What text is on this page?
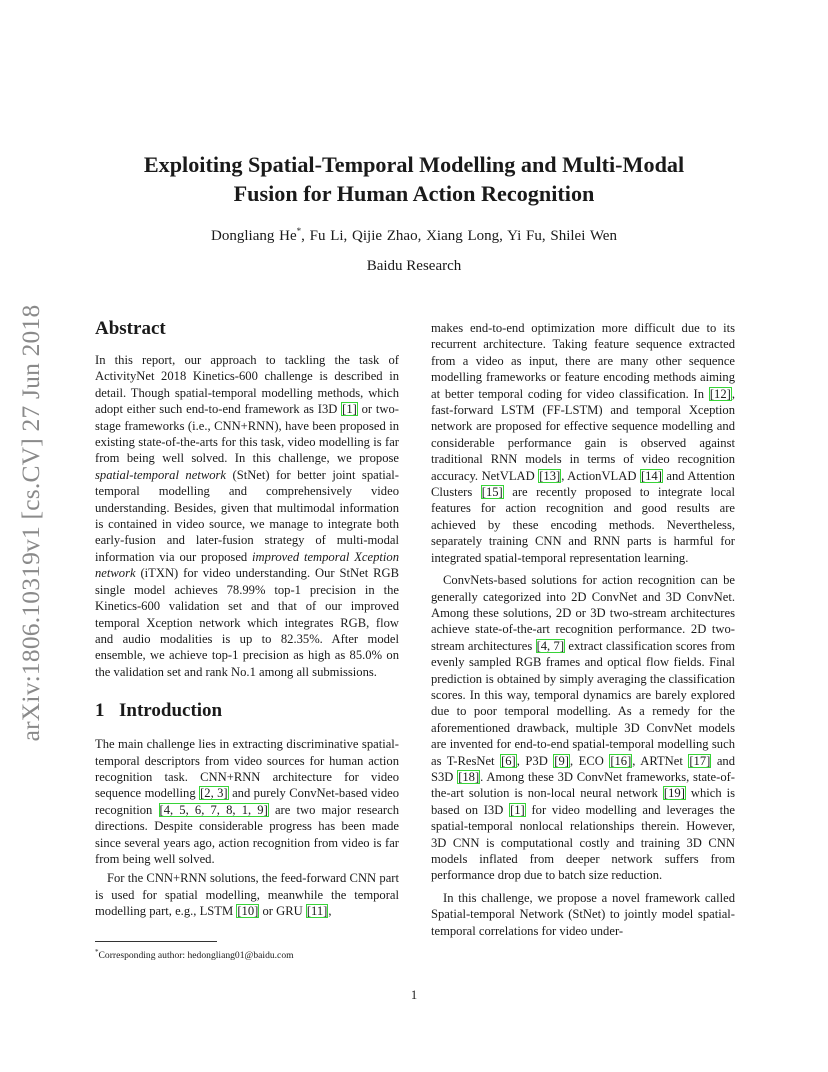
arXiv:1806.10319v1 [cs.CV] 27 Jun 2018
Exploiting Spatial-Temporal Modelling and Multi-Modal
Fusion for Human Action Recognition
Dongliang He*, Fu Li, Qijie Zhao, Xiang Long, Yi Fu, Shilei Wen
Baidu Research
Abstract

In this report, our approach to tackling the task of ActivityNet 2018 Kinetics-600 challenge is described in detail. Though spatial-temporal modelling methods, which adopt either such end-to-end framework as I3D [1] or two-stage frameworks (i.e., CNN+RNN), have been proposed in existing state-of-the-arts for this task, video modelling is far from being well solved. In this challenge, we propose spatial-temporal network (StNet) for better joint spatial-temporal modelling and comprehensively video understanding. Besides, given that multimodal information is contained in video source, we manage to integrate both early-fusion and later-fusion strategy of multi-modal information via our proposed improved temporal Xception network (iTXN) for video understanding. Our StNet RGB single model achieves 78.99% top-1 precision in the Kinetics-600 validation set and that of our improved temporal Xception network which integrates RGB, flow and audio modalities is up to 82.35%. After model ensemble, we achieve top-1 precision as high as 85.0% on the validation set and rank No.1 among all submissions.

1 Introduction

The main challenge lies in extracting discriminative spatial-temporal descriptors from video sources for human action recognition task. CNN+RNN architecture for video sequence modelling [2, 3] and purely ConvNet-based video recognition [4, 5, 6, 7, 8, 1, 9] are two major research directions. Despite considerable progress has been made since several years ago, action recognition from video is far from being well solved.

For the CNN+RNN solutions, the feed-forward CNN part is used for spatial modelling, meanwhile the temporal modelling part, e.g., LSTM [10] or GRU [11],

makes end-to-end optimization more difficult due to its recurrent architecture. Taking feature sequence extracted from a video as input, there are many other sequence modelling frameworks or feature encoding methods aiming at better temporal coding for video classification. In [12], fast-forward LSTM (FF-LSTM) and temporal Xception network are proposed for effective sequence modelling and considerable performance gain is observed against traditional RNN models in terms of video recognition accuracy. NetVLAD [13], ActionVLAD [14] and Attention Clusters [15] are recently proposed to integrate local features for action recognition and good results are achieved by these encoding methods. Nevertheless, separately training CNN and RNN parts is harmful for integrated spatial-temporal representation learning.

ConvNets-based solutions for action recognition can be generally categorized into 2D ConvNet and 3D ConvNet. Among these solutions, 2D or 3D two-stream architectures achieve state-of-the-art recognition performance. 2D two-stream architectures [4, 7] extract classification scores from evenly sampled RGB frames and optical flow fields. Final prediction is obtained by simply averaging the classification scores. In this way, temporal dynamics are barely explored due to poor temporal modelling. As a remedy for the aforementioned drawback, multiple 3D ConvNet models are invented for end-to-end spatial-temporal modelling such as T-ResNet [6], P3D [9], ECO [16], ARTNet [17] and S3D [18]. Among these 3D ConvNet frameworks, state-of-the-art solution is non-local neural network [19] which is based on I3D [1] for video modelling and leverages the spatial-temporal nonlocal relationships therein. However, 3D CNN is computational costly and training 3D CNN models inflated from deeper network suffers from performance drop due to batch size reduction.

In this challenge, we propose a novel framework called Spatial-temporal Network (StNet) to jointly model spatial-temporal correlations for video under-

*Corresponding author: hedongliang01@baidu.com
1
